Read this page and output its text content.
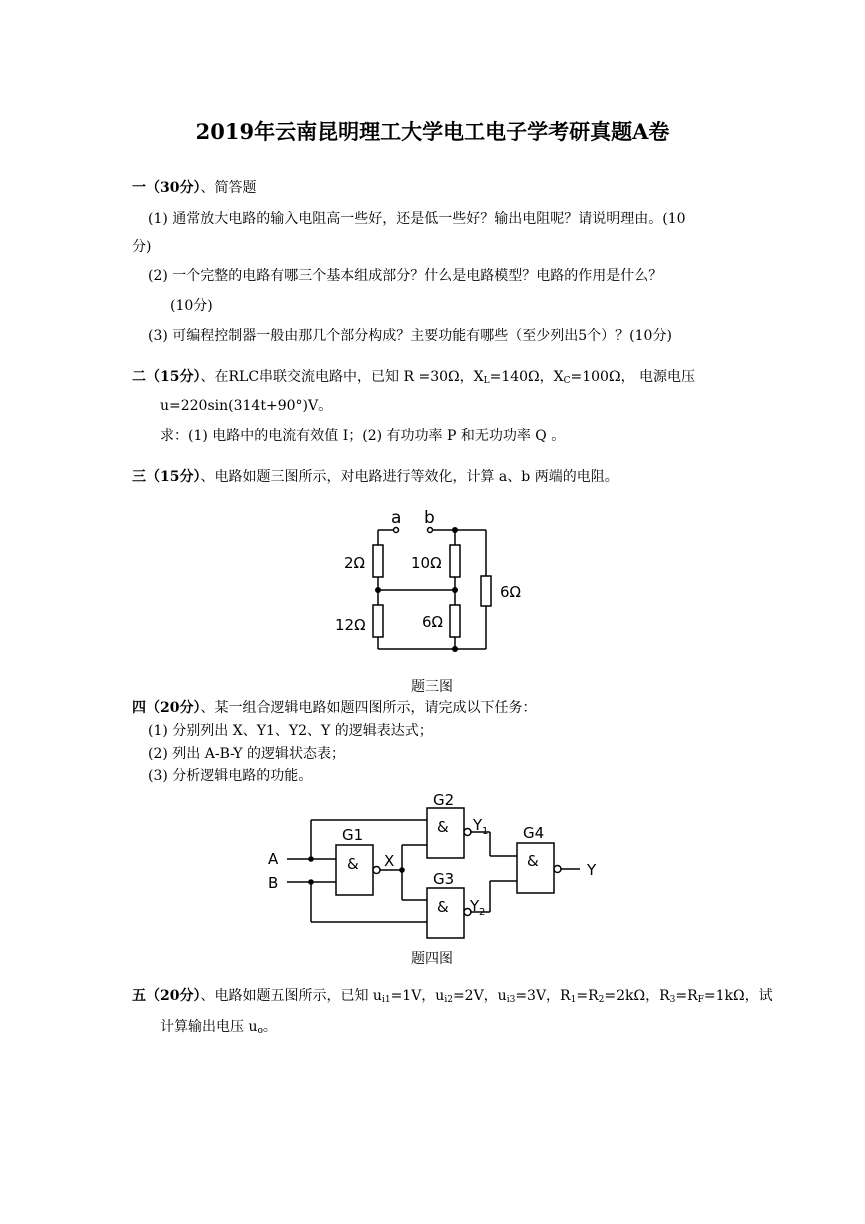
2019年云南昆明理工大学电工电子学考研真题A卷
一（30分）、简答题
(1) 通常放大电路的输入电阻高一些好，还是低一些好？输出电阻呢？请说明理由。(10
分)
(2) 一个完整的电路有哪三个基本组成部分？什么是电路模型？电路的作用是什么？
(10分)
(3) 可编程控制器一般由那几个部分构成？主要功能有哪些（至少列出5个）？(10分)
二（15分）、在RLC串联交流电路中，已知 R =30Ω，$X_L=140\Omega$，$X_C=100\Omega$， 电源电压
u=220sin(314t+90°)V。
求：(1) 电路中的电流有效值 I；(2) 有功功率 P 和无功功率 Q 。
三（15分）、电路如题三图所示，对电路进行等效化，计算 a、b 两端的电阻。
a b
2Ω	10Ω
6Ω
12Ω	6Ω
G2
G1	G4
G3
&
&
&
&
A
B
X
Y 1
Y 2
Y
题三图
四（20分）、某一组合逻辑电路如题四图所示，请完成以下任务：
(1) 分别列出 X、Y1、Y2、Y 的逻辑表达式；
(2) 列出 A-B-Y 的逻辑状态表；
(3) 分析逻辑电路的功能。
题四图
五（20分）、电路如题五图所示，已知 $u_{i1}=1V$，$u_{i2}=2V$，$u_{i3}=3V$，$R_1=R_2=2k\Omega$，$R_3=R_F=1k\Omega$，试
计算输出电压 $u_o$。
